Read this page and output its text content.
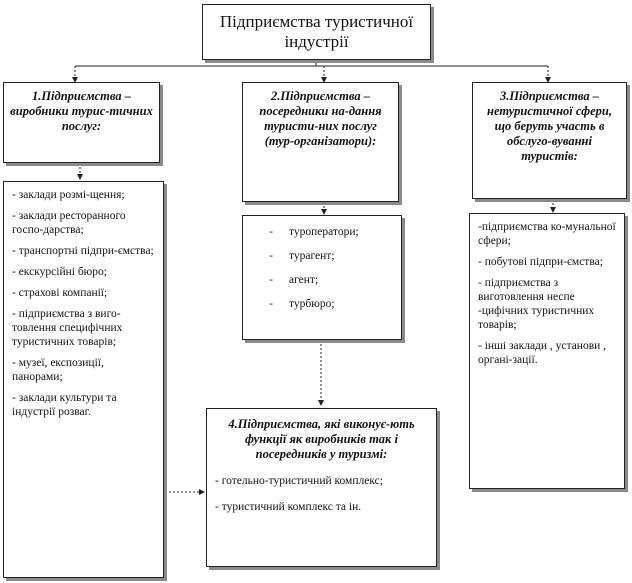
Підприємства туристичної індустрії
1.Підприємства – виробники турис-тичних послуг:
2.Підприємства – посередники на-дання туристи-них послуг (тур-організатори):
3.Підприємства – нетуристичної сфери, що беруть участь в обслуго-вуванні туристів:
- заклади розмі-щення;
- заклади ресторанного госпо-дарства;
- транспортні підпри-ємства;
- екскурсійні бюро;
- страхові компанії;
- підприємства з виго-товлення специфічних туристичних товарів;
- музеї, експозиції, панорами;
- заклади культури та індустрії розваг.
-	туроператори;
-	турагент;
-	агент;
-	турбюро;
-підприємства ко-мунальної сфери;
- побутові підпри-ємства;
- підприємства з виготовлення неспе -цифічних туристичних товарів;
- інші заклади , установи , органі-зації.
4.Підприємства, які виконує-ють функції як виробників так і посередників у туризмі:
- готельно-туристичний комплекс;
- туристичний комплекс та ін.
